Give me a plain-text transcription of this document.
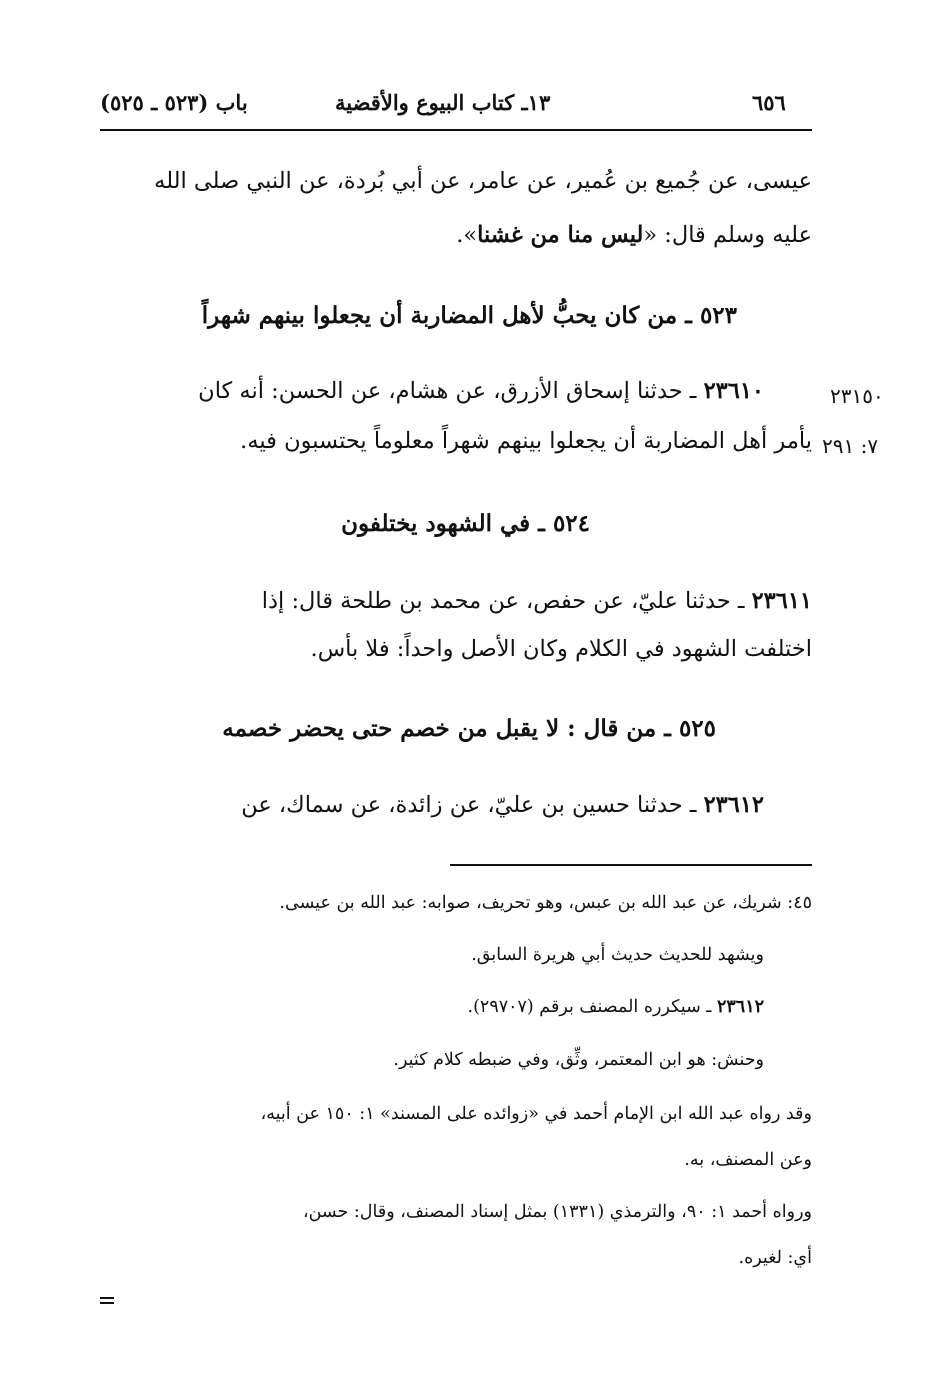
٦٥٦
١٣ـ كتاب البيوع والأقضية
باب (٥٢٣ ـ ٥٢٥)
عيسى، عن جُميع بن عُمير، عن عامر، عن أبي بُردة، عن النبي صلى الله
عليه وسلم قال: «ليس منا من غشنا».
٥٢٣ ـ من كان يحبُّ لأهل المضاربة أن يجعلوا بينهم شهراً
٢٣١٥٠
٢٣٦١٠ ـ حدثنا إسحاق الأزرق، عن هشام، عن الحسن: أنه كان
٧: ٢٩١
يأمر أهل المضاربة أن يجعلوا بينهم شهراً معلوماً يحتسبون فيه.
٥٢٤ ـ في الشهود يختلفون
٢٣٦١١ ـ حدثنا عليّ، عن حفص، عن محمد بن طلحة قال: إذا
اختلفت الشهود في الكلام وكان الأصل واحداً: فلا بأس.
٥٢٥ ـ من قال : لا يقبل من خصم حتى يحضر خصمه
٢٣٦١٢ ـ حدثنا حسين بن عليّ، عن زائدة، عن سماك، عن
٤٥: شريك، عن عبد الله بن عبس، وهو تحريف، صوابه: عبد الله بن عيسى.
ويشهد للحديث حديث أبي هريرة السابق.
٢٣٦١٢ ـ سيكرره المصنف برقم (٢٩٧٠٧).
وحنش: هو ابن المعتمر، وثِّق، وفي ضبطه كلام كثير.
وقد رواه عبد الله ابن الإمام أحمد في «زوائده على المسند» ١: ١٥٠ عن أبيه،
وعن المصنف، به.
ورواه أحمد ١: ٩٠، والترمذي (١٣٣١) بمثل إسناد المصنف، وقال: حسن،
أي: لغيره.
